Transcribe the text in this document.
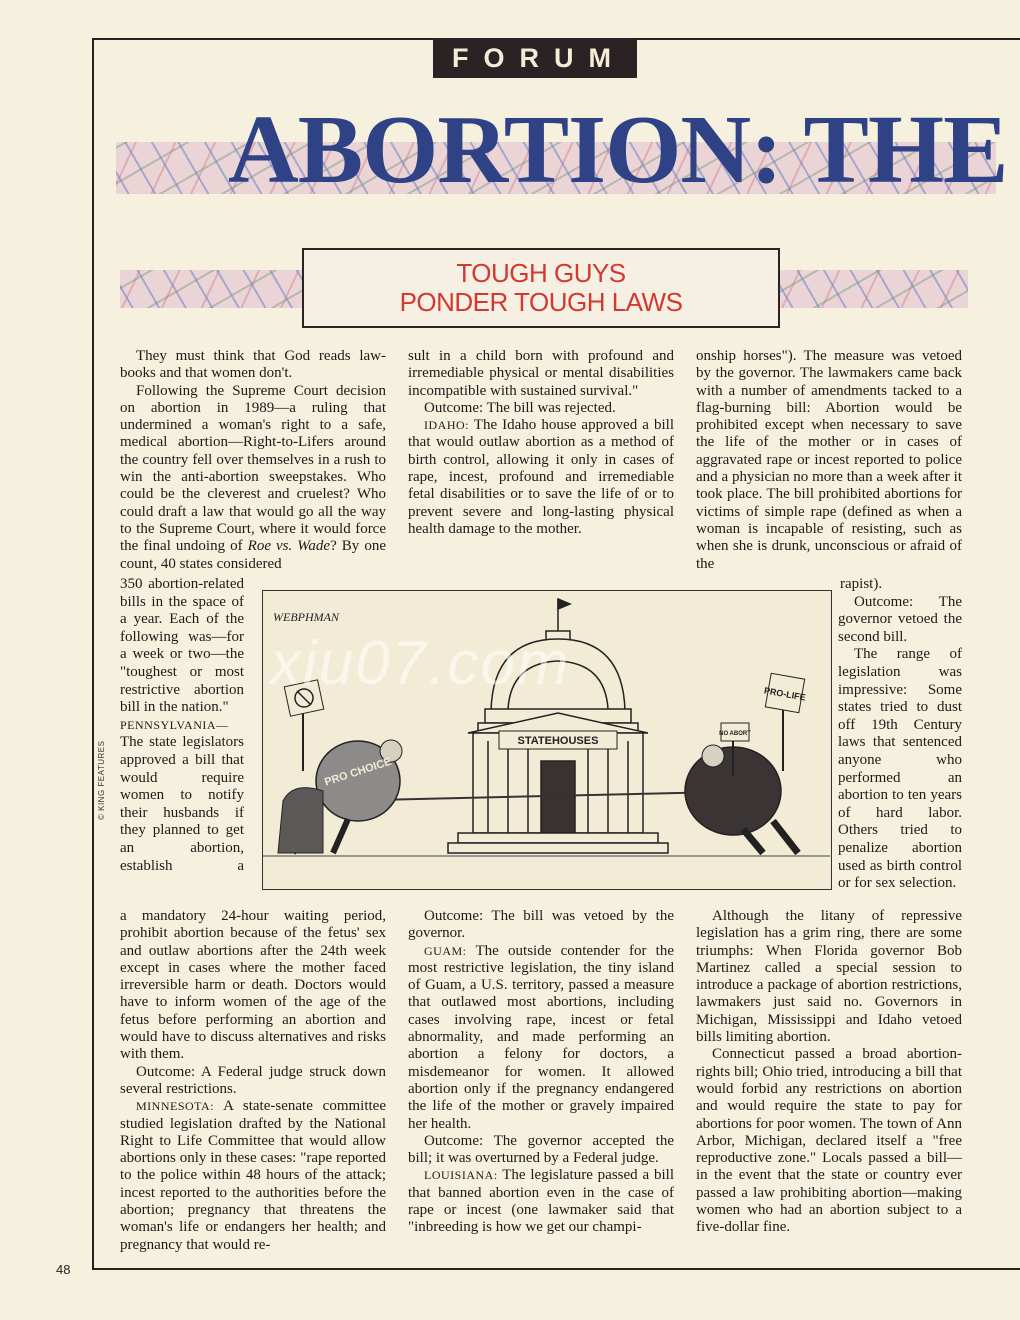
FORUM
ABORTION: THE
TOUGH GUYS
PONDER TOUGH LAWS

They must think that God reads law-books and that women don't.

Following the Supreme Court decision on abortion in 1989—a ruling that undermined a woman's right to a safe, medical abortion—Right-to-Lifers around the country fell over themselves in a rush to win the anti-abortion sweepstakes. Who could be the cleverest and cruelest? Who could draft a law that would go all the way to the Supreme Court, where it would force the final undoing of Roe vs. Wade? By one count, 40 states considered

350 abortion-related bills in the space of a year. Each of the following was—for a week or two—the "toughest or most restrictive abortion bill in the nation."

PENNSYLVANIA—

The state legislators approved a bill that would require women to notify their husbands if they planned to get an abortion, establish a

a mandatory 24-hour waiting period, prohibit abortion because of the fetus' sex and outlaw abortions after the 24th week except in cases where the mother faced irreversible harm or death. Doctors would have to inform women of the age of the fetus before performing an abortion and would have to discuss alternatives and risks with them.

Outcome: A Federal judge struck down several restrictions.

MINNESOTA: A state-senate committee studied legislation drafted by the National Right to Life Committee that would allow abortions only in these cases: "rape reported to the police within 48 hours of the attack; incest reported to the authorities before the abortion; pregnancy that threatens the woman's life or endangers her health; and pregnancy that would re-

sult in a child born with profound and irremediable physical or mental disabilities incompatible with sustained survival."

Outcome: The bill was rejected.

IDAHO: The Idaho house approved a bill that would outlaw abortion as a method of birth control, allowing it only in cases of rape, incest, profound and irremediable fetal disabilities or to save the life of or to prevent severe and long-lasting physical health damage to the mother.

Outcome: The bill was vetoed by the governor.

GUAM: The outside contender for the most restrictive legislation, the tiny island of Guam, a U.S. territory, passed a measure that outlawed most abortions, including cases involving rape, incest or fetal abnormality, and made performing an abortion a felony for doctors, a misdemeanor for women. It allowed abortion only if the pregnancy endangered the life of the mother or gravely impaired her health.

Outcome: The governor accepted the bill; it was overturned by a Federal judge.

LOUISIANA: The legislature passed a bill that banned abortion even in the case of rape or incest (one lawmaker said that "inbreeding is how we get our champi-

onship horses"). The measure was vetoed by the governor. The lawmakers came back with a number of amendments tacked to a flag-burning bill: Abortion would be prohibited except when necessary to save the life of the mother or in cases of aggravated rape or incest reported to police and a physician no more than a week after it took place. The bill prohibited abortions for victims of simple rape (defined as when a woman is incapable of resisting, such as when she is drunk, unconscious or afraid of the

rapist).

Outcome: The governor vetoed the second bill.

The range of legislation was impressive: Some states tried to dust off 19th Century laws that sentenced anyone who performed an abortion to ten years of hard labor. Others tried to penalize abortion used as birth control or for sex selection.

Although the litany of repressive legislation has a grim ring, there are some triumphs: When Florida governor Bob Martinez called a special session to introduce a package of abortion restrictions, lawmakers just said no. Governors in Michigan, Mississippi and Idaho vetoed bills limiting abortion.

Connecticut passed a broad abortion-rights bill; Ohio tried, introducing a bill that would forbid any restrictions on abortion and would require the state to pay for abortions for poor women. The town of Ann Arbor, Michigan, declared itself a "free reproductive zone." Locals passed a bill—in the event that the state or country ever passed a law prohibiting abortion—making women who had an abortion subject to a five-dollar fine.

WEBPHMAN
STATEHOUSES
PRO CHOICE
PRO-LIFE
NO ABORT
xiu07.com
© KING FEATURES
48
